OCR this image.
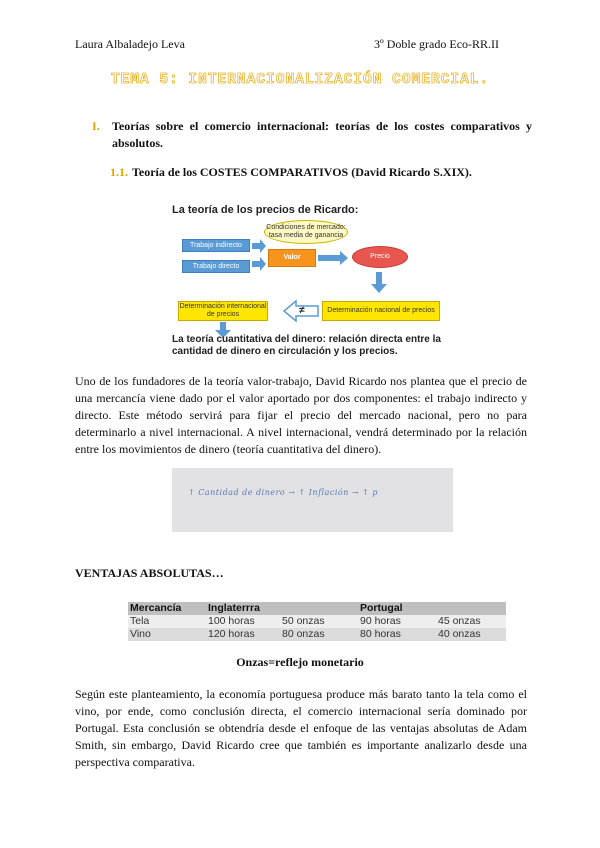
Laura Albaladejo Leva	3º Doble grado Eco-RR.II
TEMA 5: INTERNACIONALIZACIÓN COMERCIAL.
I. Teorías sobre el comercio internacional: teorías de los costes comparativos y absolutos.
1.1. Teoría de los COSTES COMPARATIVOS (David Ricardo S.XIX).
La teoría de los precios de Ricardo:
Trabajo indirecto
Trabajo directo
Condiciones de mercado: tasa media de ganancia
Valor	Precio
Determinación nacional de precios
Determinación internacional de precios	≠
La teoría cuantitativa del dinero: relación directa entre la cantidad de dinero en circulación y los precios.
Uno de los fundadores de la teoría valor-trabajo, David Ricardo nos plantea que el precio de una mercancía viene dado por el valor aportado por dos componentes: el trabajo indirecto y directo. Este método servirá para fijar el precio del mercado nacional, pero no para determinarlo a nivel internacional. A nivel internacional, vendrá determinado por la relación entre los movimientos de dinero (teoría cuantitativa del dinero).
↑ Cantidad de dinero → ↑ Inflación → ↑ p
VENTAJAS ABSOLUTAS…
Mercancía	Inglaterrra		Portugal	
Tela	100 horas	50 onzas	90 horas	45 onzas
Vino	120 horas	80 onzas	80 horas	40 onzas
Onzas=reflejo monetario
Según este planteamiento, la economía portuguesa produce más barato tanto la tela como el vino, por ende, como conclusión directa, el comercio internacional sería dominado por Portugal. Esta conclusión se obtendría desde el enfoque de las ventajas absolutas de Adam Smith, sin embargo, David Ricardo cree que también es importante analizarlo desde una perspectiva comparativa.
